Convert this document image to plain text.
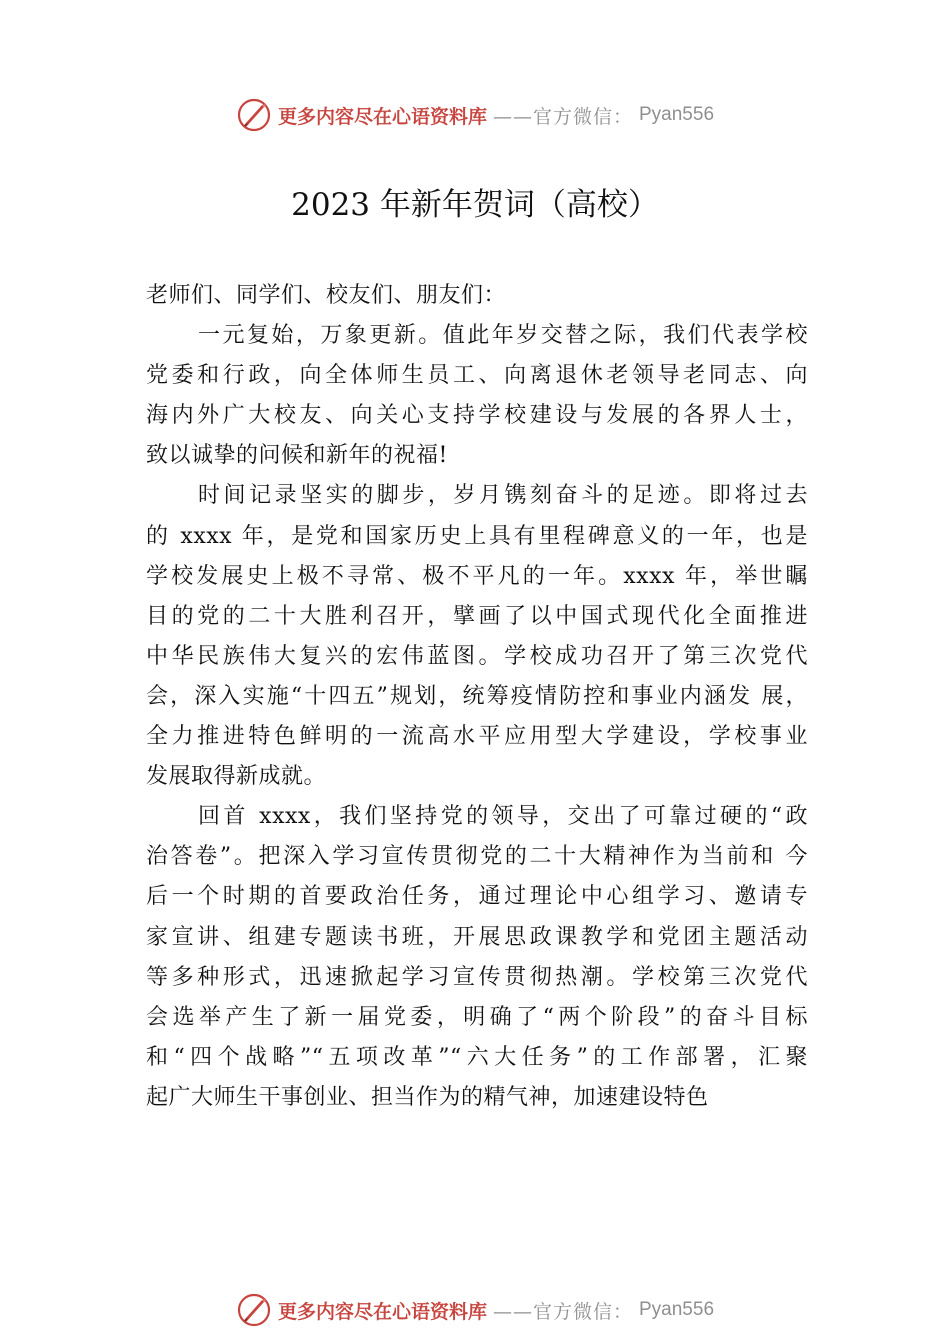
更多内容尽在心语资料库 ——官方微信： Pyan556
2023 年新年贺词（高校）
老师们、同学们、校友们、朋友们：
一元复始，万象更新。值此年岁交替之际，我们代表学校
党委和行政，向全体师生员工、向离退休老领导老同志、向
海内外广大校友、向关心支持学校建设与发展的各界人士，
致以诚挚的问候和新年的祝福!
时间记录坚实的脚步，岁月镌刻奋斗的足迹。即将过去
的 xxxx 年，是党和国家历史上具有里程碑意义的一年，也是
学校发展史上极不寻常、极不平凡的一年。xxxx 年，举世瞩
目的党的二十大胜利召开，擘画了以中国式现代化全面推进
中华民族伟大复兴的宏伟蓝图。学校成功召开了第三次党代
会，深入实施“十四五”规划，统筹疫情防控和事业内涵发 展，
全力推进特色鲜明的一流高水平应用型大学建设，学校事业
发展取得新成就。
回首 xxxx，我们坚持党的领导，交出了可靠过硬的“政
治答卷”。把深入学习宣传贯彻党的二十大精神作为当前和 今
后一个时期的首要政治任务，通过理论中心组学习、邀请专
家宣讲、组建专题读书班，开展思政课教学和党团主题活动
等多种形式，迅速掀起学习宣传贯彻热潮。学校第三次党代
会选举产生了新一届党委，明确了“两个阶段”的奋斗目标
和“四个战略”“五项改革”“六大任务”的工作部署，汇聚
起广大师生干事创业、担当作为的精气神，加速建设特色
更多内容尽在心语资料库 ——官方微信： Pyan556
